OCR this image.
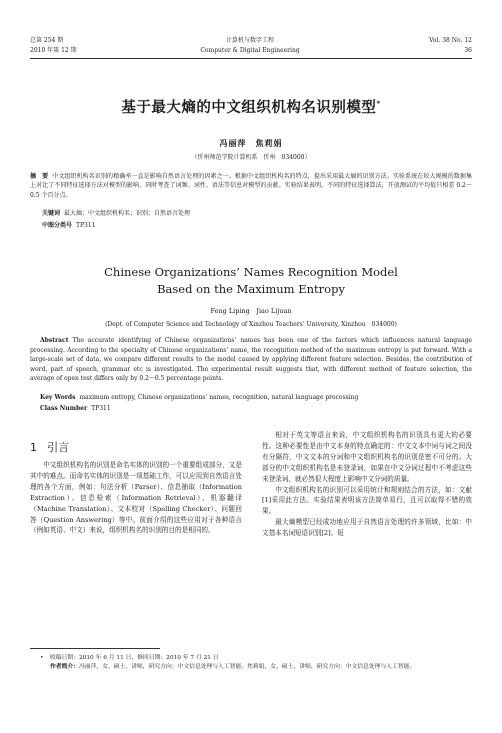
总第 254 期
2010 年第 12 期
计算机与数字工程
Computer & Digital Engineering
Vol. 38 No. 12
36
基于最大熵的中文组织机构名识别模型*
冯丽萍　焦莉娟
（忻州师范学院计算机系　忻州　034000）
摘　要 中文组织机构名识别的精确率一直是影响自然语言处理的因素之一。根据中文组织机构名的特点，提出采用最大熵的识别方法。实验系统在较大规模的数据集上对比了不同特征选择方法对模型的影响，同时考查了词频、词性、语法等信息对模型的贡献。实验结果表明，不同的特征选择算法，开放测试的平均值只相差 0.2～0.5 个百分点。
关键词 最大熵；中文组织机构名；识别；自然语言处理
中图分类号 TP311
Chinese Organizations’ Names Recognition Model
Based on the Maximum Entropy
Feng Liping　Jiao Lijuan
(Dept. of Computer Science and Technology of Xinzhou Teachers’ University, Xinzhou　034000)
Abstract The accurate identifying of Chinese organizations’ names has been one of the factors which influences natural language processing. According to the specialty of Chinese organizations’ name, the recognition method of the maximum entropy is put forward. With a large-scale set of data, we compare different results to the model caused by applying different feature selection. Besides, the contribution of word, part of speech, grammar etc is investigated. The experimental result suggests that, with different method of feature selection, the average of open test differs only by 0.2～0.5 percentage points.
Key Words maximum entropy, Chinese organizations’ names, recognition, natural language processing
Class Number TP311
1 引言

中文组织机构名的识别是命名实体的识别的一个重要组成部分，又是其中的难点。而命名实体的识别是一项基础工作，可以应用到自然语言处理的各个方面，例如：句法分析（Parser）、信息抽取（Information Extraction）、信息检索（Information Retrieval）、机器翻译（Machine Translation）、文本校对（Spelling Checker）、问题回答（Question Answering）等中。前面介绍的这些应用对于各种语言（例如英语、中文）来说，组织机构名的识别的目的是相同的。

相对于英文等语言来说，中文组织机构名的识别具有更大的必要性。这种必要性是由中文本身的特点确定的：中文文本中词与词之间没有分隔符，中文文本的分词和中文组织机构名的识别是密不可分的。大部分的中文组织机构名是未登录词，如果在中文分词过程中不考虑这些未登录词，就必然很大程度上影响中文分词的质量。

中文组织机构名的识别可以采用统计和规则结合的方法，如：文献[1]采用此方法。实验结果表明该方法简单易行，且可以取得不错的效果。

最大熵模型已经成功地应用于自然语言处理的许多领域，比如：中文基本名词短语识别[2]、短

• 收稿日期：2010 年 6 月 11 日，修回日期：2010 年 7 月 21 日
作者简介：冯丽萍，女，硕士，讲师，研究方向：中文信息处理与人工智能。焦莉娟，女，硕士，讲师，研究方向：中文信息处理与人工智能。
